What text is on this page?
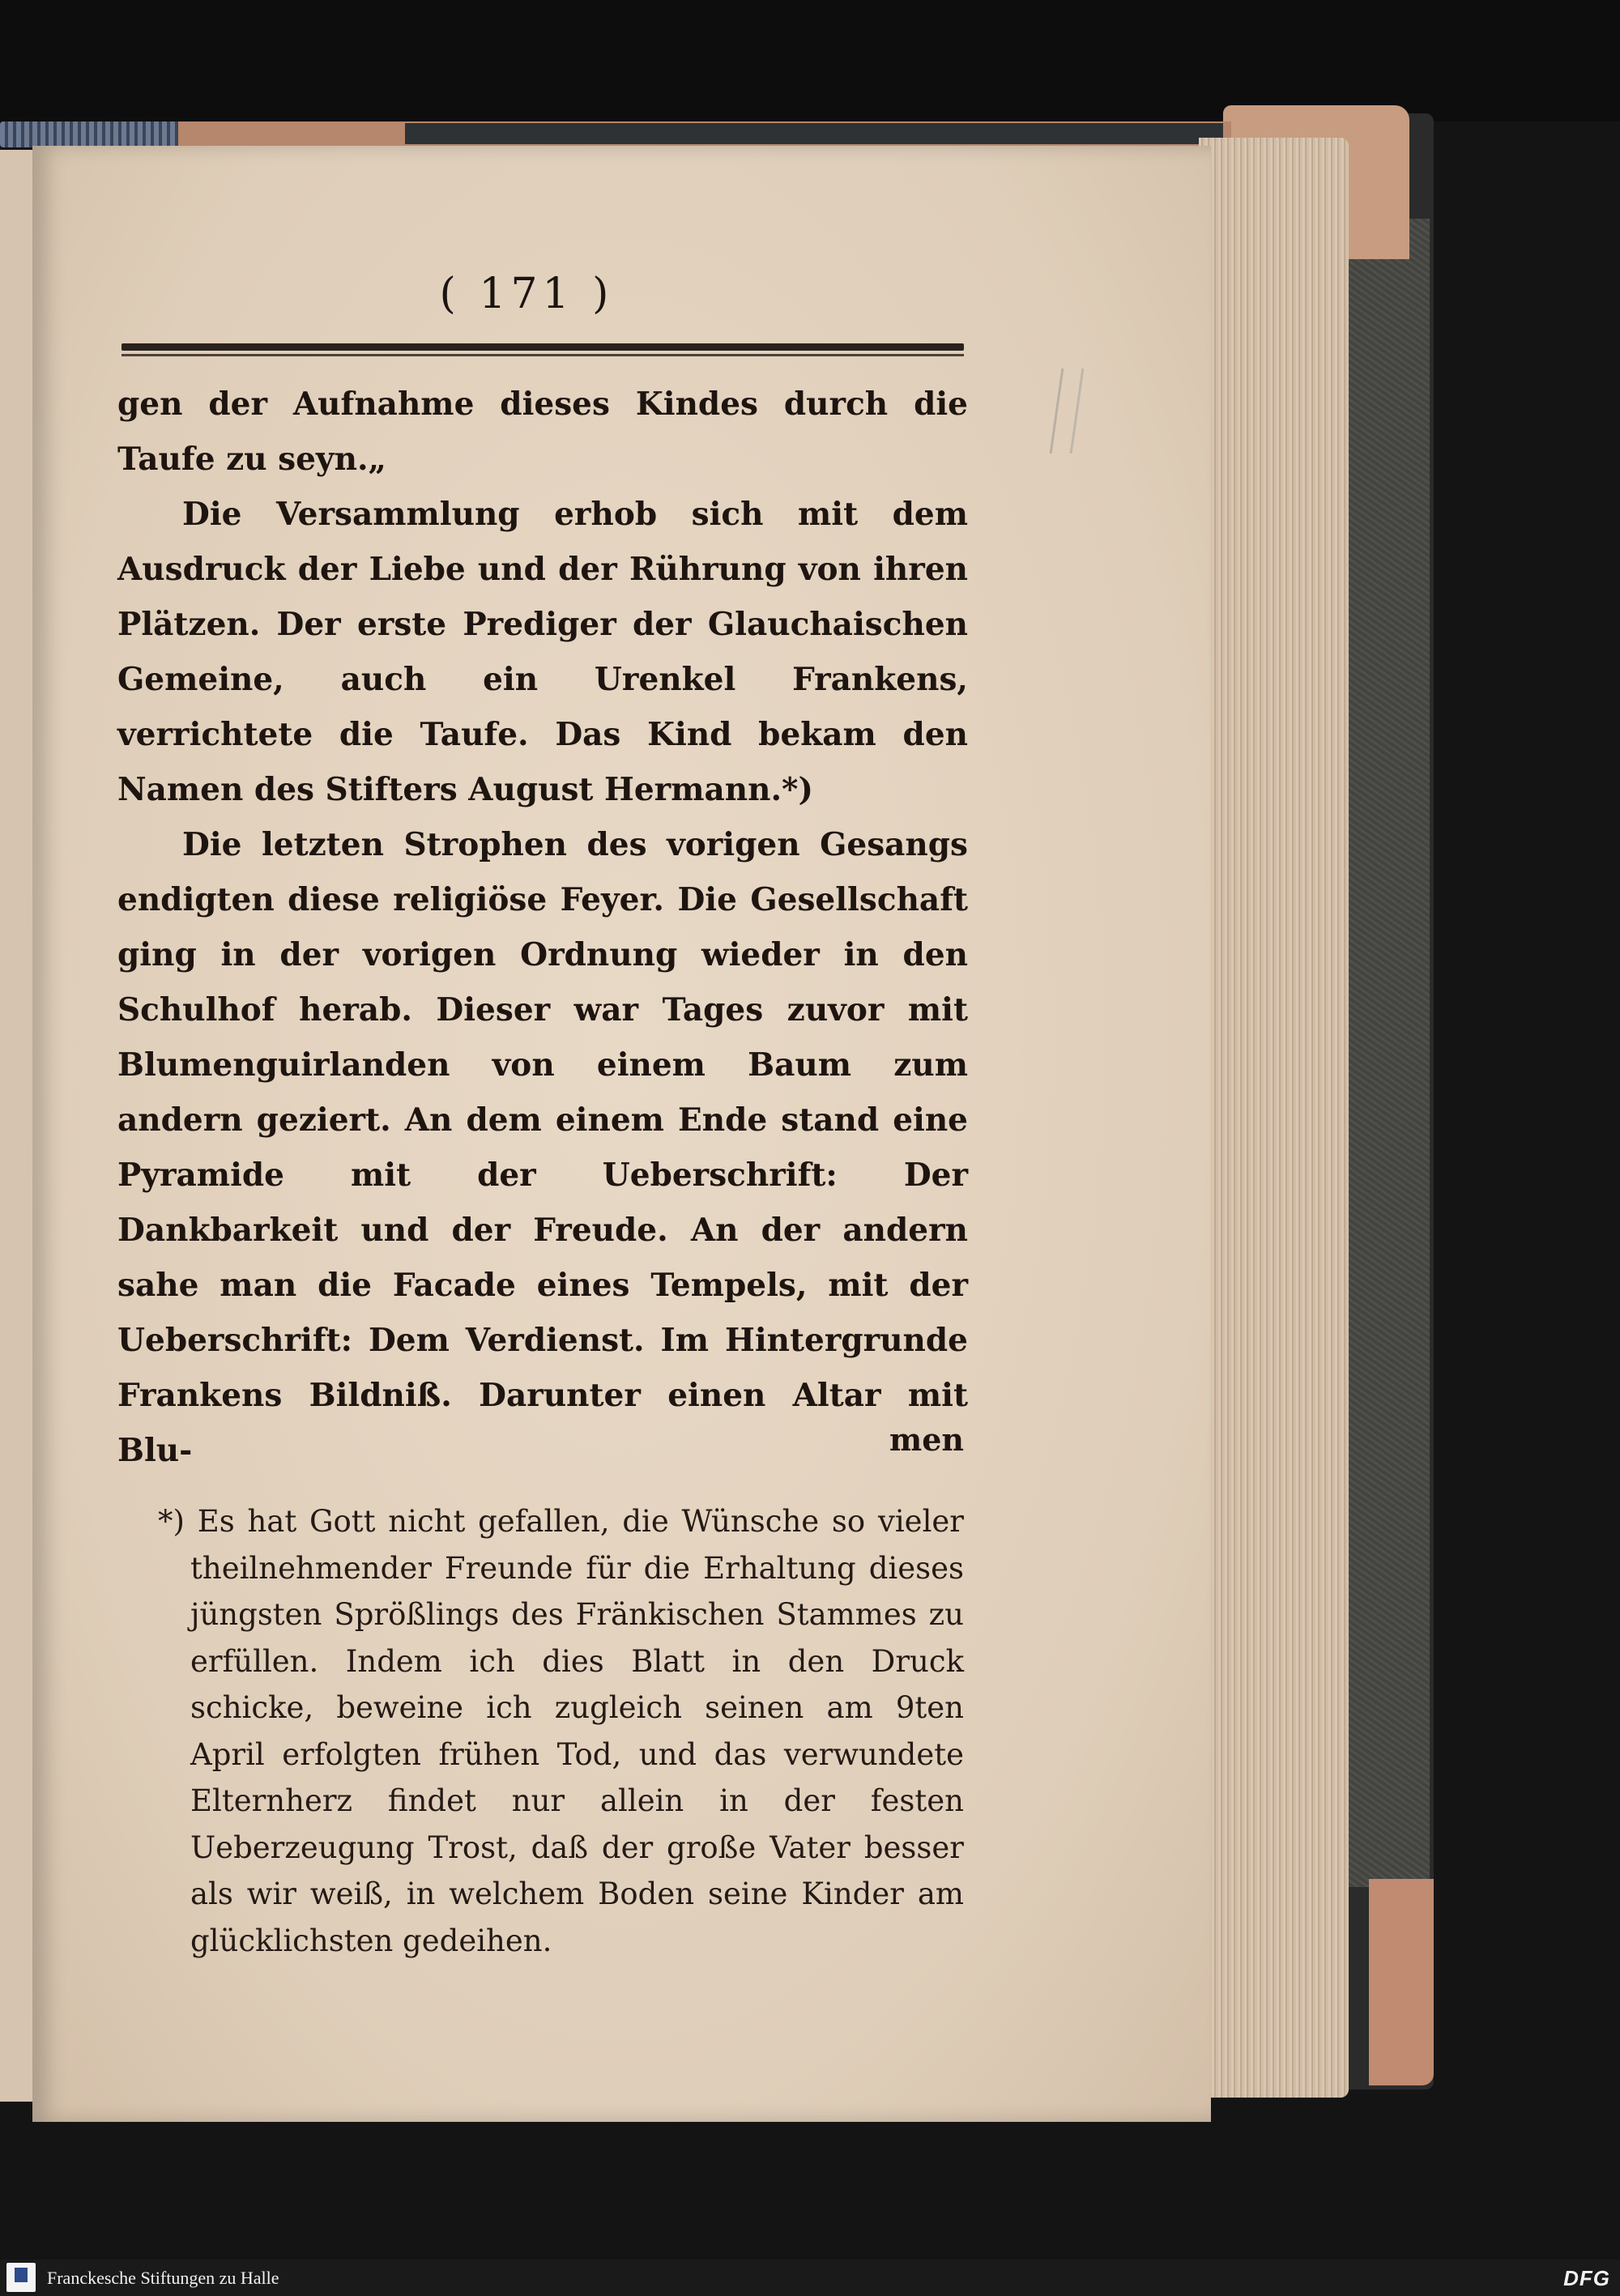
( 171 )

gen der Aufnahme dieses Kindes durch die Taufe zu seyn.„

Die Versammlung erhob sich mit dem Ausdruck der Liebe und der Rührung von ihren Plätzen. Der erste Prediger der Glauchaischen Gemeine, auch ein Urenkel Frankens, verrichtete die Taufe. Das Kind bekam den Namen des Stifters August Hermann.*)

Die letzten Strophen des vorigen Gesangs endigten diese religiöse Feyer. Die Gesellschaft ging in der vorigen Ordnung wieder in den Schulhof herab. Dieser war Tages zuvor mit Blumenguirlanden von einem Baum zum andern geziert. An dem einem Ende stand eine Pyramide mit der Ueberschrift: Der Dankbarkeit und der Freude. An der andern sahe man die Facade eines Tempels, mit der Ueberschrift: Dem Verdienst. Im Hintergrunde Frankens Bildniß. Darunter einen Altar mit Blu-	men

*) Es hat Gott nicht gefallen, die Wünsche so vieler theilnehmender Freunde für die Erhaltung dieses jüngsten Sprößlings des Fränkischen Stammes zu erfüllen. Indem ich dies Blatt in den Druck schicke, beweine ich zugleich seinen am 9ten April erfolgten frühen Tod, und das verwundete Elternherz findet nur allein in der festen Ueberzeugung Trost, daß der große Vater besser als wir weiß, in welchem Boden seine Kinder am glücklichsten gedeihen.

Franckesche Stiftungen zu Halle	DFG
